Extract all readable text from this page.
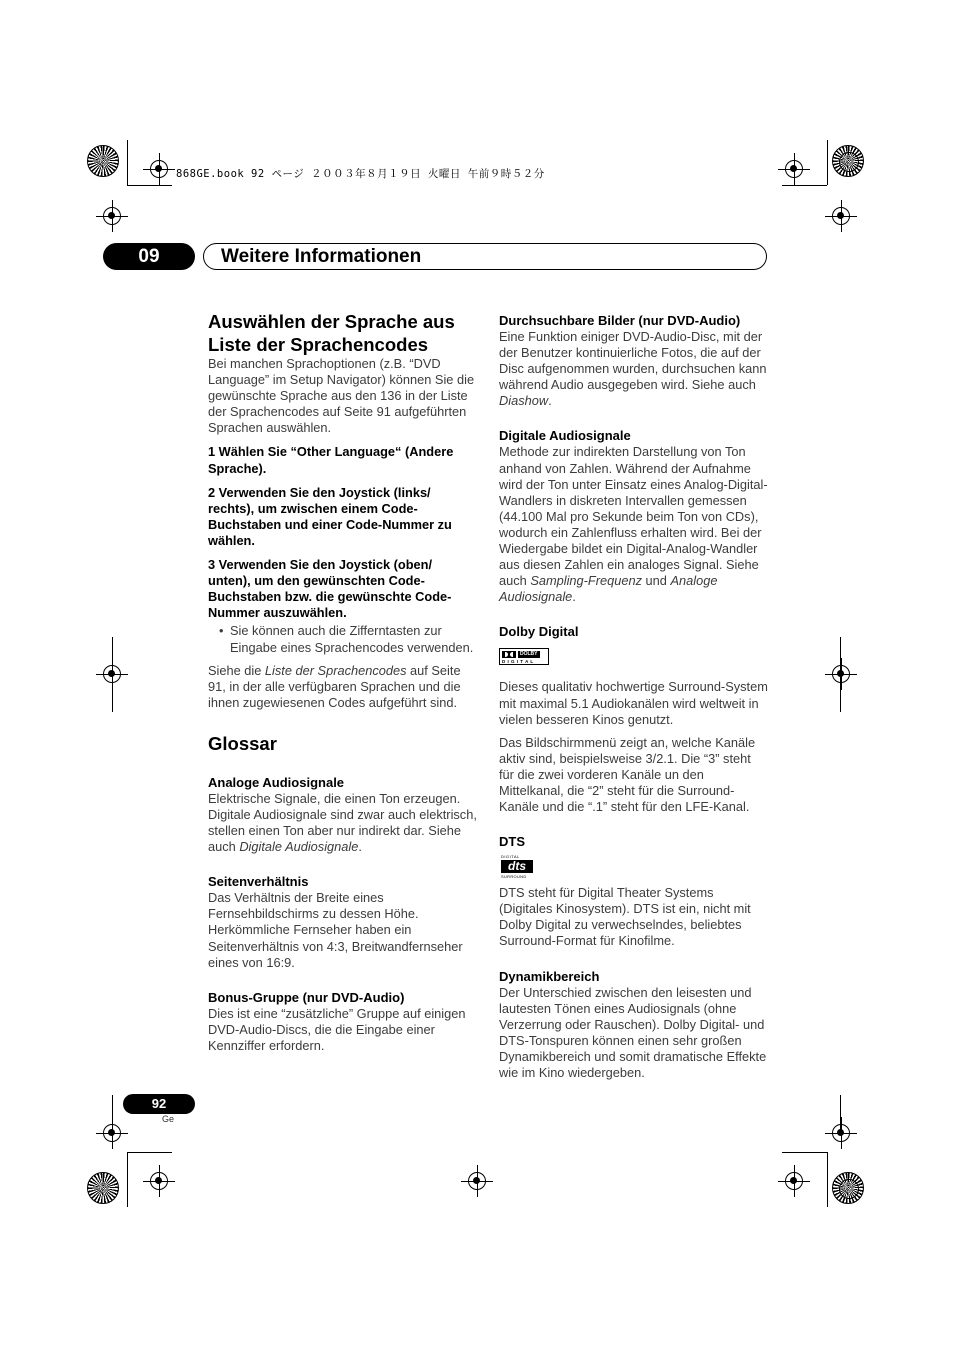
868GE.book 92 ページ ２００３年８月１９日 火曜日 午前９時５２分
09	Weitere Informationen
Auswählen der Sprache aus Liste der Sprachencodes

Bei manchen Sprachoptionen (z.B. “DVD Language” im Setup Navigator) können Sie die gewünschte Sprache aus den 136 in der Liste der Sprachencodes auf Seite 91 aufgeführten Sprachen auswählen.

1 Wählen Sie “Other Language“ (Andere Sprache).

2 Verwenden Sie den Joystick (links/ rechts), um zwischen einem Code-Buchstaben und einer Code-Nummer zu wählen.

3 Verwenden Sie den Joystick (oben/ unten), um den gewünschten Code-Buchstaben bzw. die gewünschte Code-Nummer auszuwählen.

• Sie können auch die Zifferntasten zur Eingabe eines Sprachencodes verwenden.

Siehe die Liste der Sprachencodes auf Seite 91, in der alle verfügbaren Sprachen und die ihnen zugewiesenen Codes aufgeführt sind.

Glossar
Analoge Audiosignale

Elektrische Signale, die einen Ton erzeugen. Digitale Audiosignale sind zwar auch elektrisch, stellen einen Ton aber nur indirekt dar. Siehe auch Digitale Audiosignale.

Seitenverhältnis

Das Verhältnis der Breite eines Fernsehbildschirms zu dessen Höhe. Herkömmliche Fernseher haben ein Seitenverhältnis von 4:3, Breitwandfernseher eines von 16:9.

Bonus-Gruppe (nur DVD-Audio)

Dies ist eine “zusätzliche” Gruppe auf einigen DVD-Audio-Discs, die die Eingabe einer Kennziffer erfordern.

Durchsuchbare Bilder (nur DVD-Audio)

Eine Funktion einiger DVD-Audio-Disc, mit der der Benutzer kontinuierliche Fotos, die auf der Disc aufgenommen wurden, durchsuchen kann während Audio ausgegeben wird. Siehe auch Diashow.

Digitale Audiosignale

Methode zur indirekten Darstellung von Ton anhand von Zahlen. Während der Aufnahme wird der Ton unter Einsatz eines Analog-Digital-Wandlers in diskreten Intervallen gemessen (44.100 Mal pro Sekunde beim Ton von CDs), wodurch ein Zahlenfluss erhalten wird. Bei der Wiedergabe bildet ein Digital-Analog-Wandler aus diesen Zahlen ein analoges Signal. Siehe auch Sampling-Frequenz und Analoge Audiosignale.

Dolby Digital
DOLBY
D I G I T A L

Dieses qualitativ hochwertige Surround-System mit maximal 5.1 Audiokanälen wird weltweit in vielen besseren Kinos genutzt.

Das Bildschirmmenü zeigt an, welche Kanäle aktiv sind, beispielsweise 3/2.1. Die “3” steht für die zwei vorderen Kanäle un den Mittelkanal, die “2” steht für die Surround-Kanäle und die “.1” steht für den LFE-Kanal.

DTS
DIGITAL
dts
SURROUND

DTS steht für Digital Theater Systems (Digitales Kinosystem). DTS ist ein, nicht mit Dolby Digital zu verwechselndes, beliebtes Surround-Format für Kinofilme.

Dynamikbereich

Der Unterschied zwischen den leisesten und lautesten Tönen eines Audiosignals (ohne Verzerrung oder Rauschen). Dolby Digital- und DTS-Tonspuren können einen sehr großen Dynamikbereich und somit dramatische Effekte wie im Kino wiedergeben.

92
Ge
